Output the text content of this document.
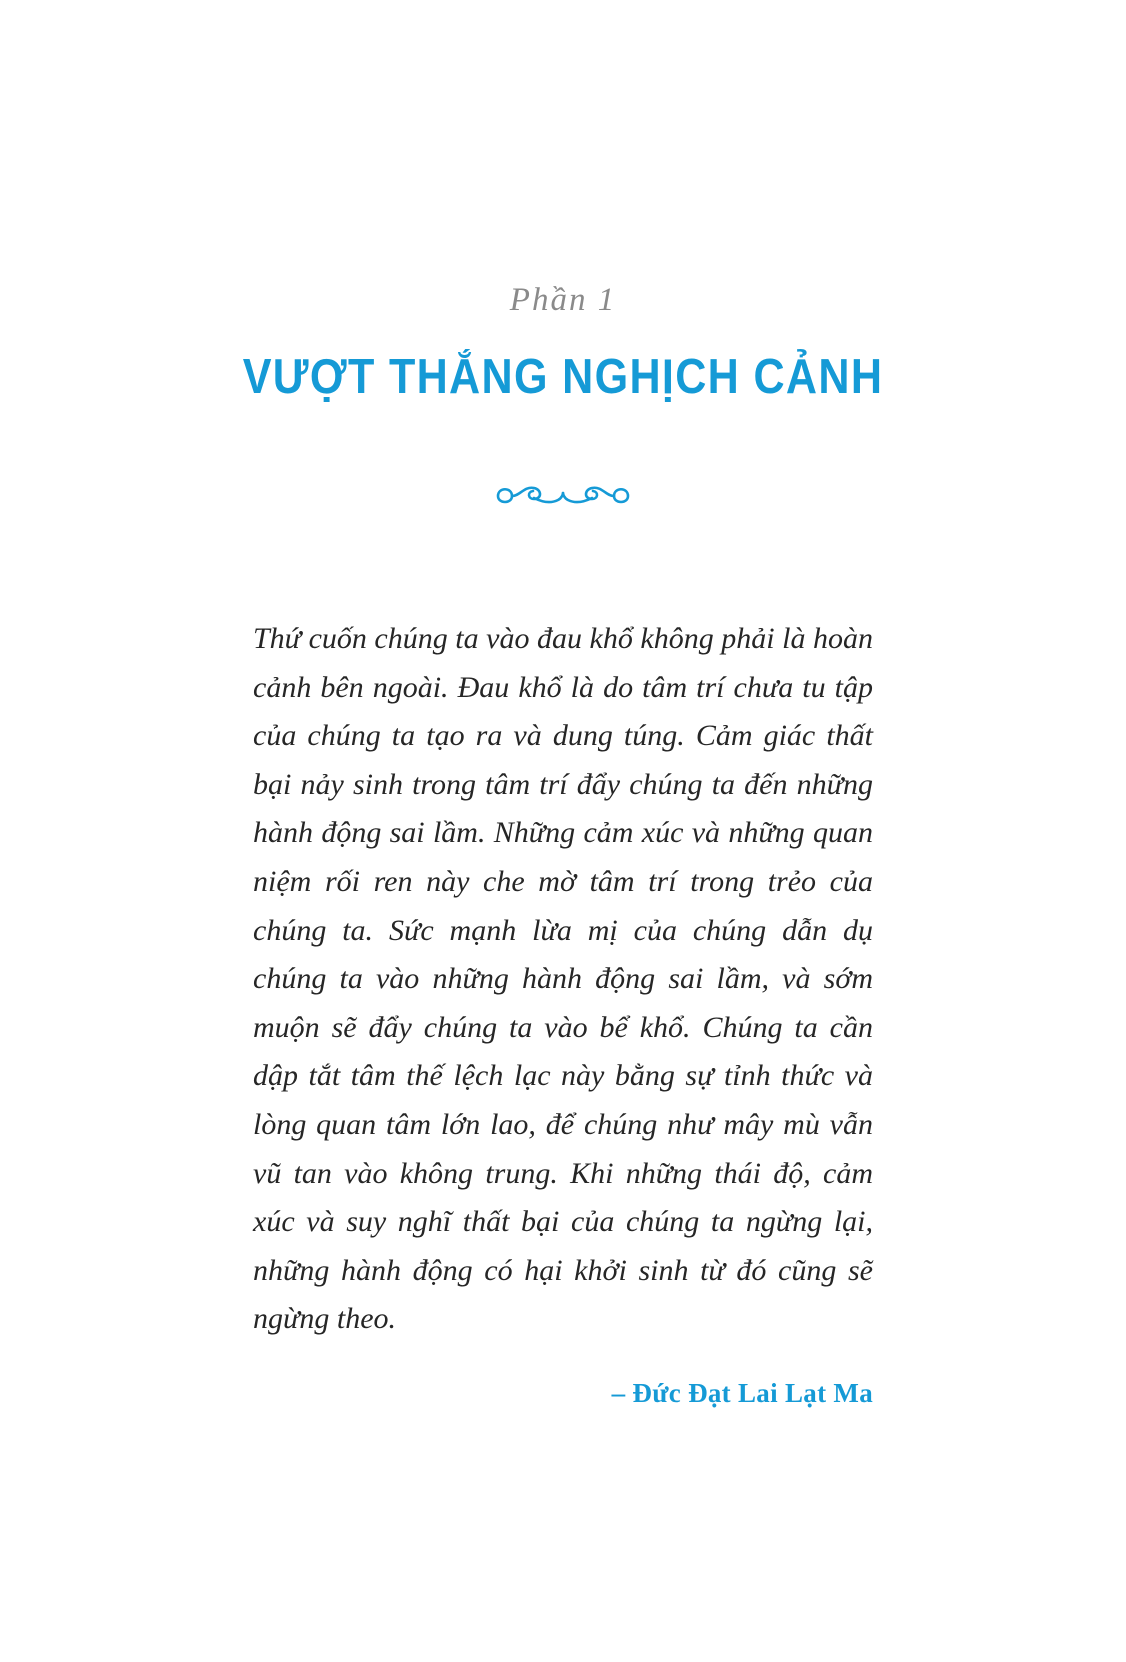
Phần 1
VƯỢT THẮNG NGHỊCH CẢNH
Thứ cuốn chúng ta vào đau khổ không phải là hoàn cảnh bên ngoài. Đau khổ là do tâm trí chưa tu tập của chúng ta tạo ra và dung túng. Cảm giác thất bại nảy sinh trong tâm trí đẩy chúng ta đến những hành động sai lầm. Những cảm xúc và những quan niệm rối ren này che mờ tâm trí trong trẻo của chúng ta. Sức mạnh lừa mị của chúng dẫn dụ chúng ta vào những hành động sai lầm, và sớm muộn sẽ đẩy chúng ta vào bể khổ. Chúng ta cần dập tắt tâm thế lệch lạc này bằng sự tỉnh thức và lòng quan tâm lớn lao, để chúng như mây mù vẫn vũ tan vào không trung. Khi những thái độ, cảm xúc và suy nghĩ thất bại của chúng ta ngừng lại, những hành động có hại khởi sinh từ đó cũng sẽ ngừng theo.
– Đức Đạt Lai Lạt Ma
